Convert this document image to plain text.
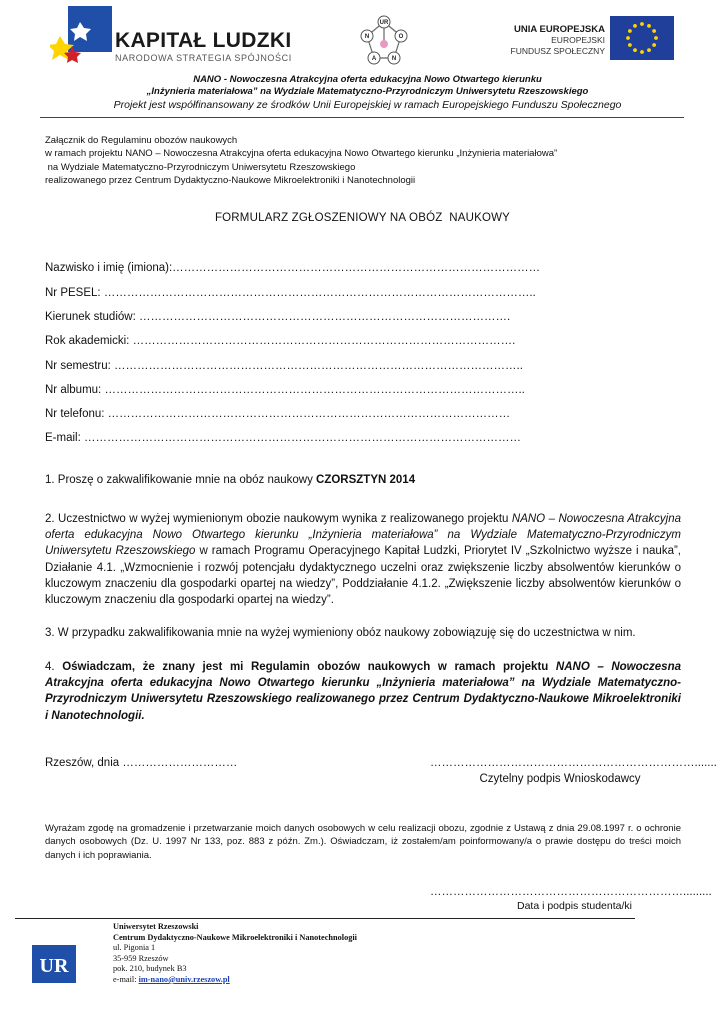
KAPITAŁ LUDZKI
NARODOWA STRATEGIA SPÓJNOŚCI
UR
N	O
A	N
UNIA EUROPEJSKA
EUROPEJSKI
FUNDUSZ SPOŁECZNY
NANO - Nowoczesna Atrakcyjna oferta edukacyjna Nowo Otwartego kierunku
„Inżynieria materiałowa” na Wydziale Matematyczno-Przyrodniczym Uniwersytetu Rzeszowskiego
Projekt jest współfinansowany ze środków Unii Europejskiej w ramach Europejskiego Funduszu Społecznego
Załącznik do Regulaminu obozów naukowych
w ramach projektu NANO – Nowoczesna Atrakcyjna oferta edukacyjna Nowo Otwartego kierunku „Inżynieria materiałowa”
na Wydziale Matematyczno-Przyrodniczym Uniwersytetu Rzeszowskiego
realizowanego przez Centrum Dydaktyczno-Naukowe Mikroelektroniki i Nanotechnologii
FORMULARZ ZGŁOSZENIOWY NA OBÓZ  NAUKOWY
Nazwisko i imię (imiona):……………………………………………………………………………………
Nr PESEL: …………………………………………………………………………………………………..
Kierunek studiów: …………………………………………………………………………………….
Rok akademicki: ……………………………………………………………………………………….
Nr semestru: ……………………………………………………………………………………………..
Nr albumu: ………………………………………………………………………………………………..
Nr telefonu: ……………………………………………………………………………………………
E-mail: ……………………………………………………………………………………………………
1. Proszę o zakwalifikowanie mnie na obóz naukowy CZORSZTYN 2014
2. Uczestnictwo w wyżej wymienionym obozie naukowym wynika z realizowanego projektu NANO – Nowoczesna Atrakcyjna oferta edukacyjna Nowo Otwartego kierunku „Inżynieria materiałowa” na Wydziale Matematyczno-Przyrodniczym Uniwersytetu Rzeszowskiego w ramach Programu Operacyjnego Kapitał Ludzki, Priorytet IV „Szkolnictwo wyższe i nauka”, Działanie 4.1. „Wzmocnienie i rozwój potencjału dydaktycznego uczelni oraz zwiększenie liczby absolwentów kierunków o kluczowym znaczeniu dla gospodarki opartej na wiedzy”, Poddziałanie 4.1.2. „Zwiększenie liczby absolwentów kierunków o kluczowym znaczeniu dla gospodarki opartej na wiedzy”.
3. W przypadku zakwalifikowania mnie na wyżej wymieniony obóz naukowy zobowiązuję się do uczestnictwa w nim.
4. Oświadczam, że znany jest mi Regulamin obozów naukowych w ramach projektu NANO – Nowoczesna Atrakcyjna oferta edukacyjna Nowo Otwartego kierunku „Inżynieria materiałowa” na Wydziale Matematyczno-Przyrodniczym Uniwersytetu Rzeszowskiego realizowanego przez Centrum Dydaktyczno-Naukowe Mikroelektroniki i Nanotechnologii.
Rzeszów, dnia …………………………	…………………………………………………………….......
Czytelny podpis Wnioskodawcy
Wyrażam zgodę na gromadzenie i przetwarzanie moich danych osobowych w celu realizacji obozu, zgodnie z Ustawą z dnia 29.08.1997 r. o ochronie danych osobowych (Dz. U. 1997 Nr 133, poz. 883 z późn. Zm.). Oświadczam, iż zostałem/am poinformowany/a o prawie dostępu do treści moich danych i ich poprawiania.
………………………………………………………….........
Data i podpis studenta/ki
UR
Uniwersytet Rzeszowski
Centrum Dydaktyczno-Naukowe Mikroelektroniki i Nanotechnologii
ul. Pigonia 1
35-959 Rzeszów
pok. 210, budynek B3
e-mail: im-nano@univ.rzeszow.pl
